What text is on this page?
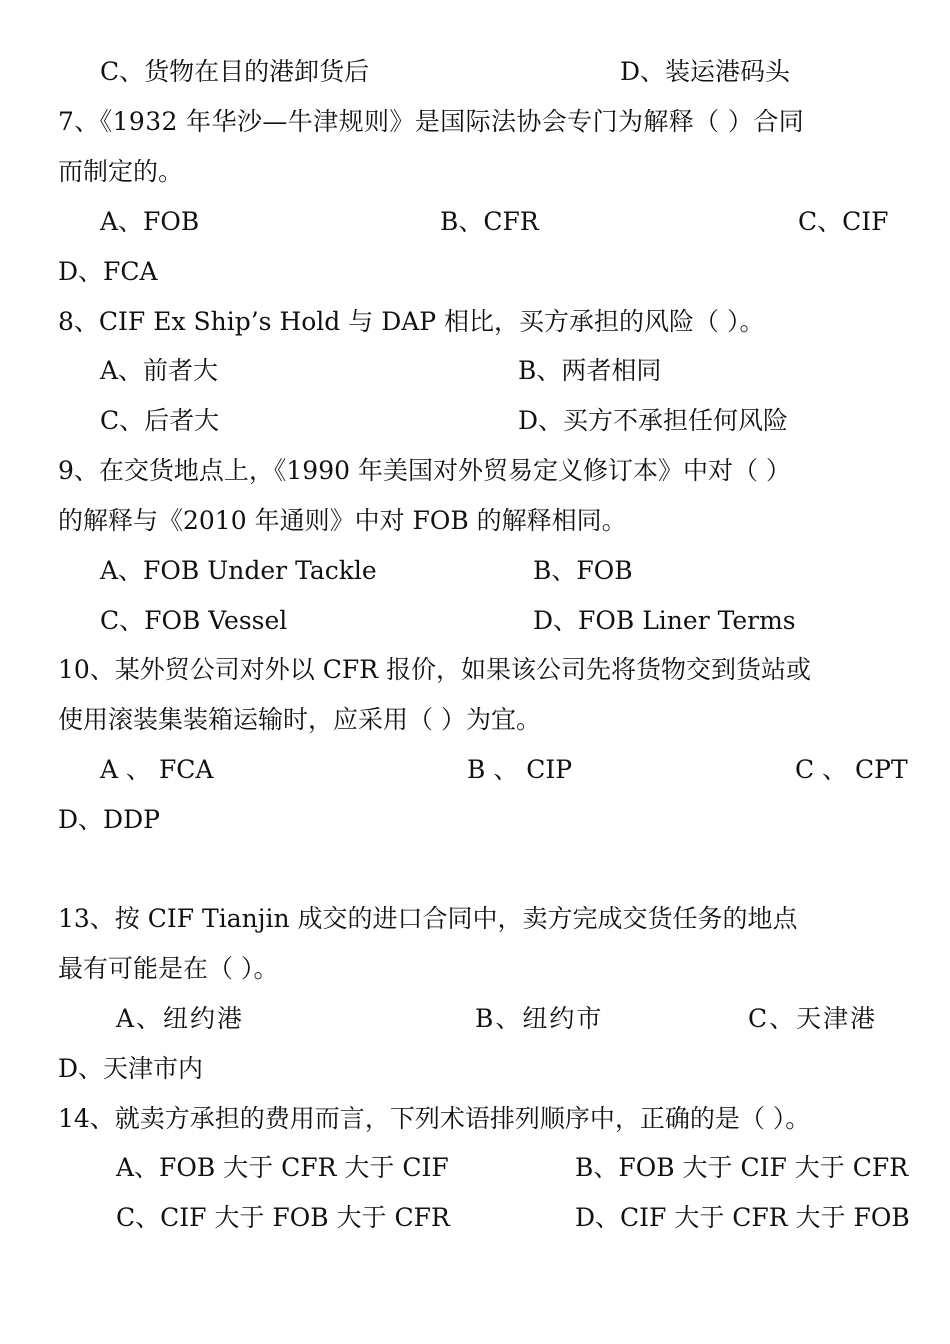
C、货物在目的港卸货后	D、装运港码头
7、《1932 年华沙—牛津规则》是国际法协会专门为解释（ ）合同
而制定的。
A、FOB	B、CFR	C、CIF
D、FCA
8、CIF Ex Ship’s Hold 与 DAP 相比，买方承担的风险（ ）。
A、前者大	B、两者相同
C、后者大	D、买方不承担任何风险
9、在交货地点上，《1990 年美国对外贸易定义修订本》中对（ ）
的解释与《2010 年通则》中对 FOB 的解释相同。
A、FOB Under Tackle	B、FOB
C、FOB Vessel	D、FOB Liner Terms
10、某外贸公司对外以 CFR 报价，如果该公司先将货物交到货站或
使用滚装集装箱运输时，应采用（ ）为宜。
A 、 FCA	B 、 CIP	C 、 CPT
D、DDP
13、按 CIF Tianjin 成交的进口合同中，卖方完成交货任务的地点
最有可能是在（ ）。
A、纽约港	B、纽约市	C、天津港
D、天津市内
14、就卖方承担的费用而言，下列术语排列顺序中，正确的是（ ）。
A、FOB 大于 CFR 大于 CIF	B、FOB 大于 CIF 大于 CFR
C、CIF 大于 FOB 大于 CFR	D、CIF 大于 CFR 大于 FOB
